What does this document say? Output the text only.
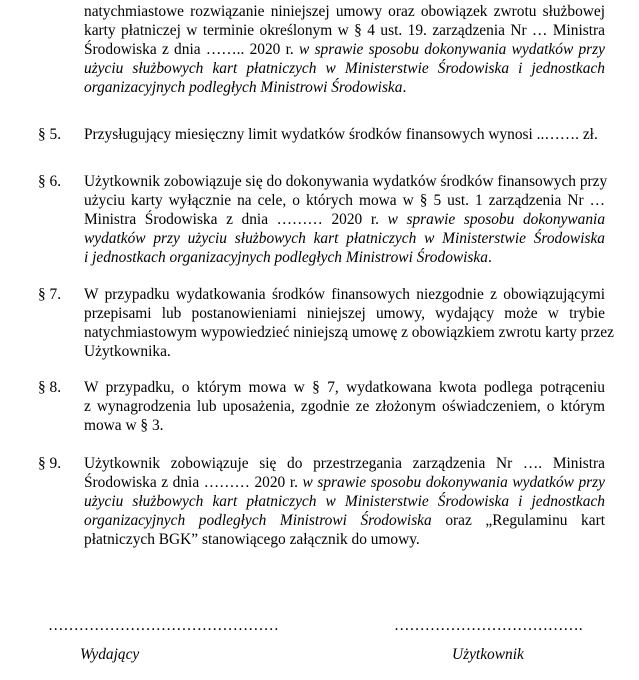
natychmiastowe rozwiązanie niniejszej umowy oraz obowiązek zwrotu służbowej
karty płatniczej w terminie określonym w § 4 ust. 19. zarządzenia Nr … Ministra
Środowiska z dnia …….. 2020 r. w sprawie sposobu dokonywania wydatków przy
użyciu służbowych kart płatniczych w Ministerstwie Środowiska i jednostkach
organizacyjnych podległych Ministrowi Środowiska.
§ 5. Przysługujący miesięczny limit wydatków środków finansowych wynosi ..……. zł.
§ 6. Użytkownik zobowiązuje się do dokonywania wydatków środków finansowych przy
użyciu karty wyłącznie na cele, o których mowa w § 5 ust. 1 zarządzenia Nr …
Ministra Środowiska z dnia ……… 2020 r. w sprawie sposobu dokonywania
wydatków przy użyciu służbowych kart płatniczych w Ministerstwie Środowiska
i jednostkach organizacyjnych podległych Ministrowi Środowiska.
§ 7. W przypadku wydatkowania środków finansowych niezgodnie z obowiązującymi
przepisami lub postanowieniami niniejszej umowy, wydający może w trybie
natychmiastowym wypowiedzieć niniejszą umowę z obowiązkiem zwrotu karty przez
Użytkownika.
§ 8. W przypadku, o którym mowa w § 7, wydatkowana kwota podlega potrąceniu
z wynagrodzenia lub uposażenia, zgodnie ze złożonym oświadczeniem, o którym
mowa w § 3.
§ 9. Użytkownik zobowiązuje się do przestrzegania zarządzenia Nr …. Ministra
Środowiska z dnia ……… 2020 r. w sprawie sposobu dokonywania wydatków przy
użyciu służbowych kart płatniczych w Ministerstwie Środowiska i jednostkach
organizacyjnych podległych Ministrowi Środowiska oraz „Regulaminu kart
płatniczych BGK” stanowiącego załącznik do umowy.
………………………………………
Wydający
……………………………….
Użytkownik
